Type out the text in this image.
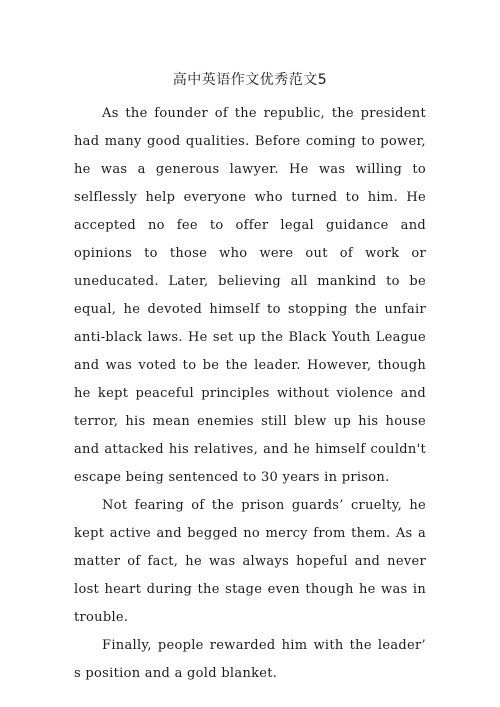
高中英语作文优秀范文5

As the founder of the republic, the president had many good qualities. Before coming to power, he was a generous lawyer. He was willing to selflessly help everyone who turned to him. He accepted no fee to offer legal guidance and opinions to those who were out of work or uneducated. Later, believing all mankind to be equal, he devoted himself to stopping the unfair anti-black laws. He set up the Black Youth League and was voted to be the leader. However, though he kept peaceful principles without violence and terror, his mean enemies still blew up his house and attacked his relatives, and he himself couldn't escape being sentenced to 30 years in prison.

Not fearing of the prison guards’ cruelty, he kept active and begged no mercy from them. As a matter of fact, he was always hopeful and never lost heart during the stage even though he was in trouble.

Finally, people rewarded him with the leader’ s position and a gold blanket.
